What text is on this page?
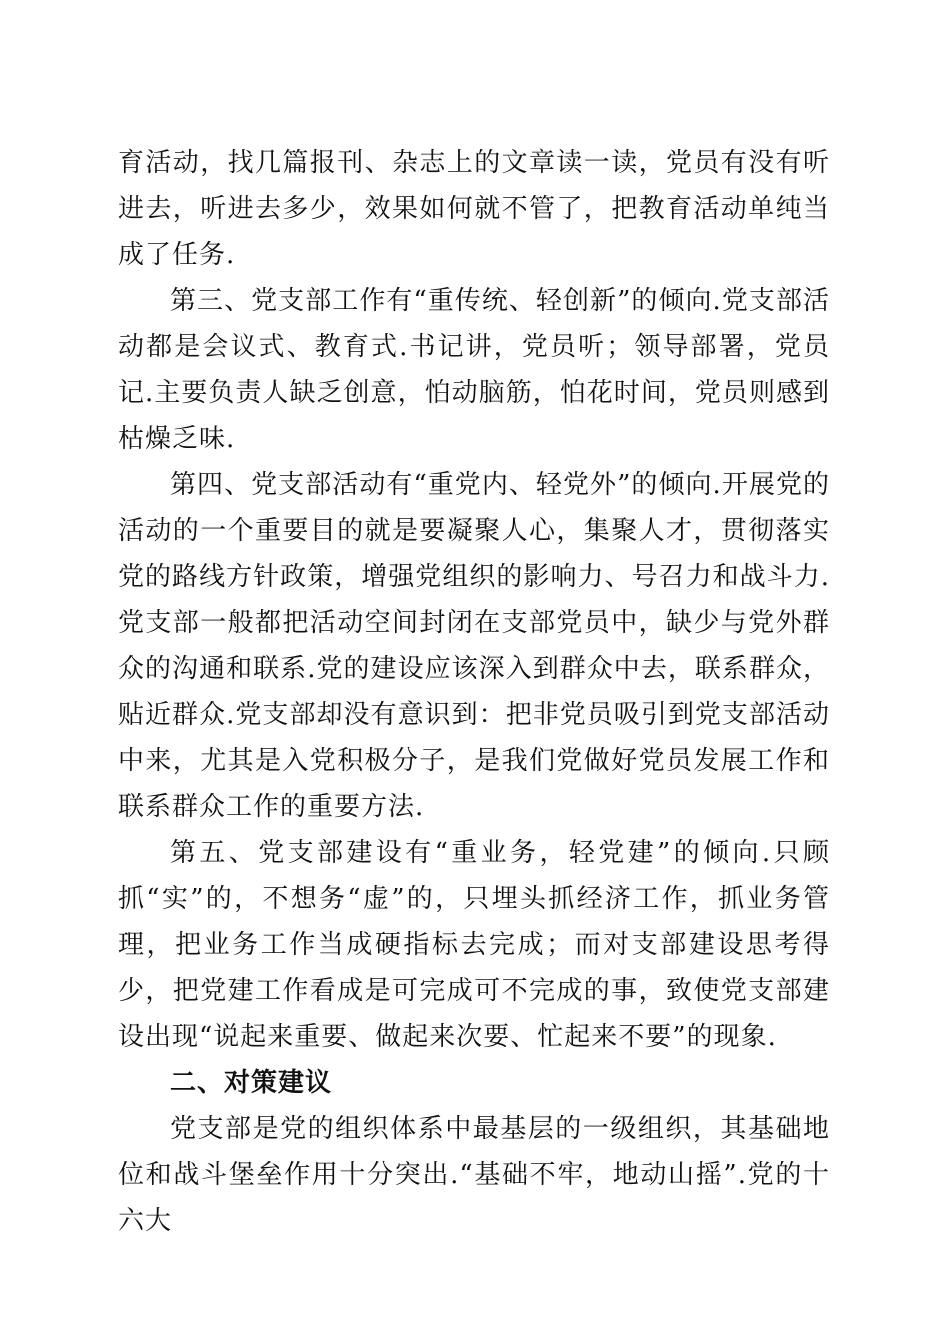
育活动，找几篇报刊、杂志上的文章读一读，党员有没有听进去，听进去多少，效果如何就不管了，把教育活动单纯当成了任务.

第三、党支部工作有“重传统、轻创新”的倾向.党支部活动都是会议式、教育式.书记讲，党员听；领导部署，党员记.主要负责人缺乏创意，怕动脑筋，怕花时间，党员则感到枯燥乏味.

第四、党支部活动有“重党内、轻党外”的倾向.开展党的活动的一个重要目的就是要凝聚人心，集聚人才，贯彻落实党的路线方针政策，增强党组织的影响力、号召力和战斗力.党支部一般都把活动空间封闭在支部党员中，缺少与党外群众的沟通和联系.党的建设应该深入到群众中去，联系群众，贴近群众.党支部却没有意识到：把非党员吸引到党支部活动中来，尤其是入党积极分子，是我们党做好党员发展工作和联系群众工作的重要方法.

第五、党支部建设有“重业务，轻党建”的倾向.只顾抓“实”的，不想务“虚”的，只埋头抓经济工作，抓业务管理，把业务工作当成硬指标去完成；而对支部建设思考得少，把党建工作看成是可完成可不完成的事，致使党支部建设出现“说起来重要、做起来次要、忙起来不要”的现象.

二、对策建议

党支部是党的组织体系中最基层的一级组织，其基础地位和战斗堡垒作用十分突出.“基础不牢，地动山摇”.党的十六大
